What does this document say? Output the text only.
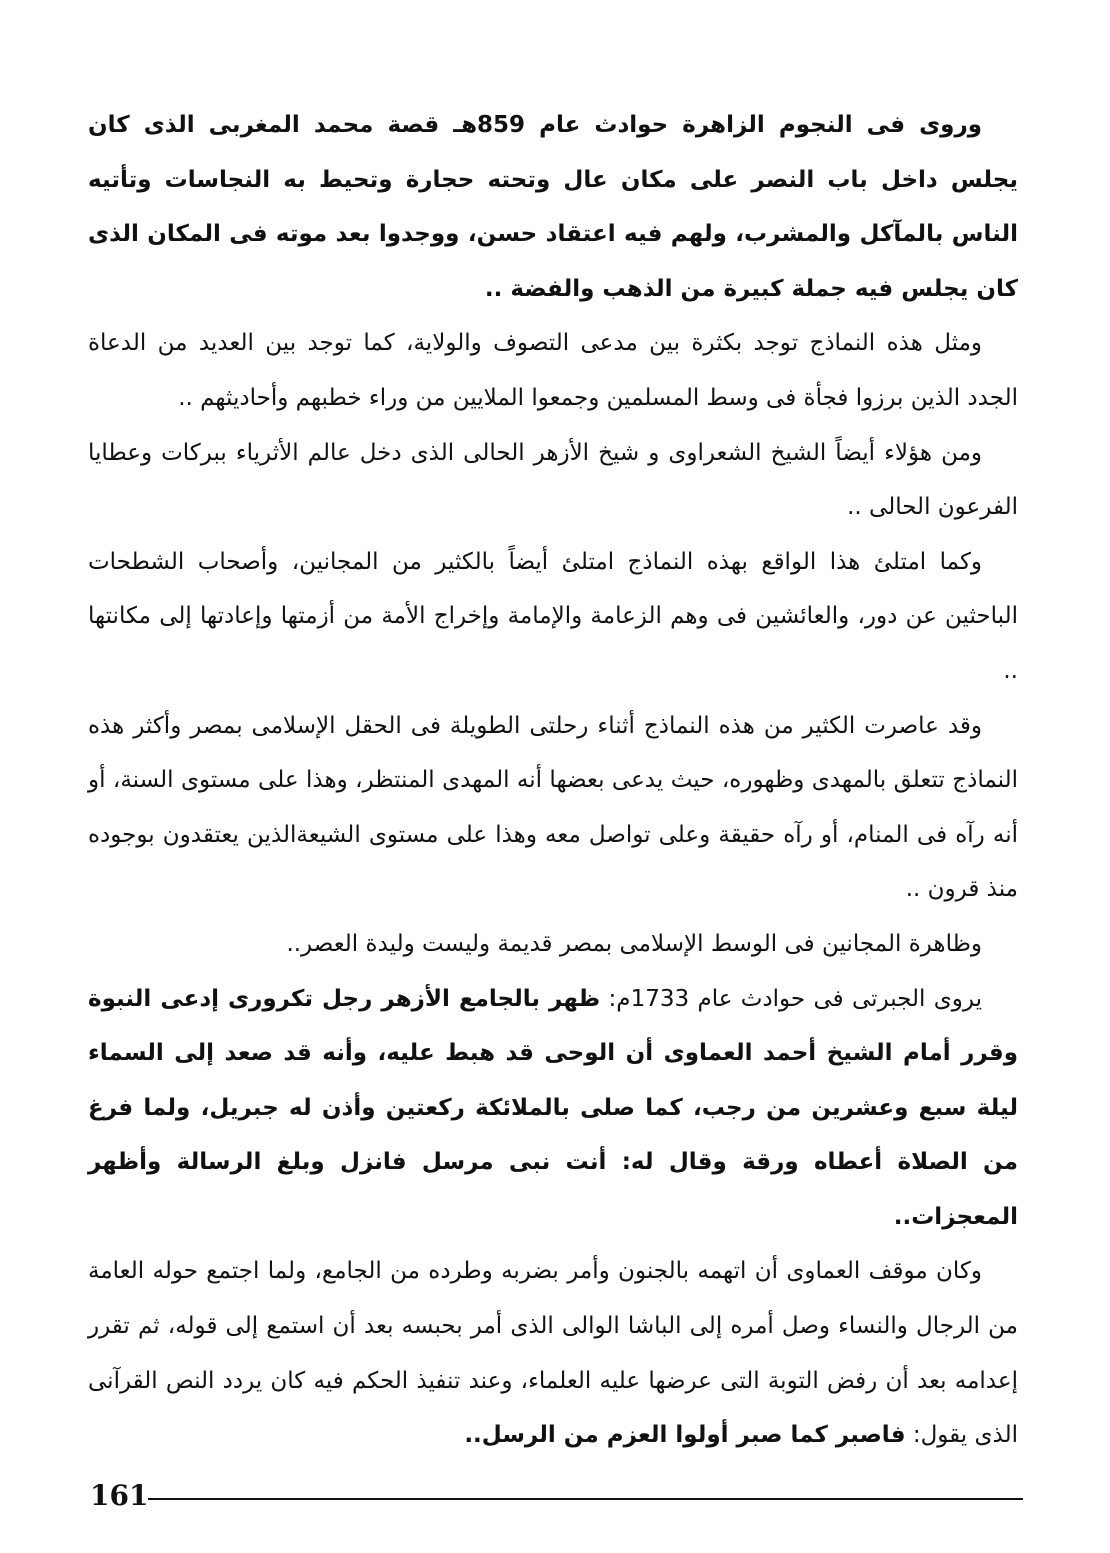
وروى فى النجوم الزاهرة حوادث عام 859هـ قصة محمد المغربى الذى كان يجلس داخل باب النصر على مكان عال وتحته حجارة وتحيط به النجاسات وتأتيه الناس بالمآكل والمشرب، ولهم فيه اعتقاد حسن، ووجدوا بعد موته فى المكان الذى كان يجلس فيه جملة كبيرة من الذهب والفضة ..

ومثل هذه النماذج توجد بكثرة بين مدعى التصوف والولاية، كما توجد بين العديد من الدعاة الجدد الذين برزوا فجأة فى وسط المسلمين وجمعوا الملايين من وراء خطبهم وأحاديثهم ..

ومن هؤلاء أيضاً الشيخ الشعراوى و شيخ الأزهر الحالى الذى دخل عالم الأثرياء ببركات وعطايا الفرعون الحالى ..

وكما امتلئ هذا الواقع بهذه النماذج امتلئ أيضاً بالكثير من المجانين، وأصحاب الشطحات الباحثين عن دور، والعائشين فى وهم الزعامة والإمامة وإخراج الأمة من أزمتها وإعادتها إلى مكانتها ..

وقد عاصرت الكثير من هذه النماذج أثناء رحلتى الطويلة فى الحقل الإسلامى بمصر وأكثر هذه النماذج تتعلق بالمهدى وظهوره، حيث يدعى بعضها أنه المهدى المنتظر، وهذا على مستوى السنة، أو أنه رآه فى المنام، أو رآه حقيقة وعلى تواصل معه وهذا على مستوى الشيعةالذين يعتقدون بوجوده منذ قرون ..

وظاهرة المجانين فى الوسط الإسلامى بمصر قديمة وليست وليدة العصر..

يروى الجبرتى فى حوادث عام 1733م: ظهر بالجامع الأزهر رجل تكرورى إدعى النبوة وقرر أمام الشيخ أحمد العماوى أن الوحى قد هبط عليه، وأنه قد صعد إلى السماء ليلة سبع وعشرين من رجب، كما صلى بالملائكة ركعتين وأذن له جبريل، ولما فرغ من الصلاة أعطاه ورقة وقال له: أنت نبى مرسل فانزل وبلغ الرسالة وأظهر المعجزات..

وكان موقف العماوى أن اتهمه بالجنون وأمر بضربه وطرده من الجامع، ولما اجتمع حوله العامة من الرجال والنساء وصل أمره إلى الباشا الوالى الذى أمر بحبسه بعد أن استمع إلى قوله، ثم تقرر إعدامه بعد أن رفض التوبة التى عرضها عليه العلماء، وعند تنفيذ الحكم فيه كان يردد النص القرآنى الذى يقول: فاصبر كما صبر أولوا العزم من الرسل..

161
